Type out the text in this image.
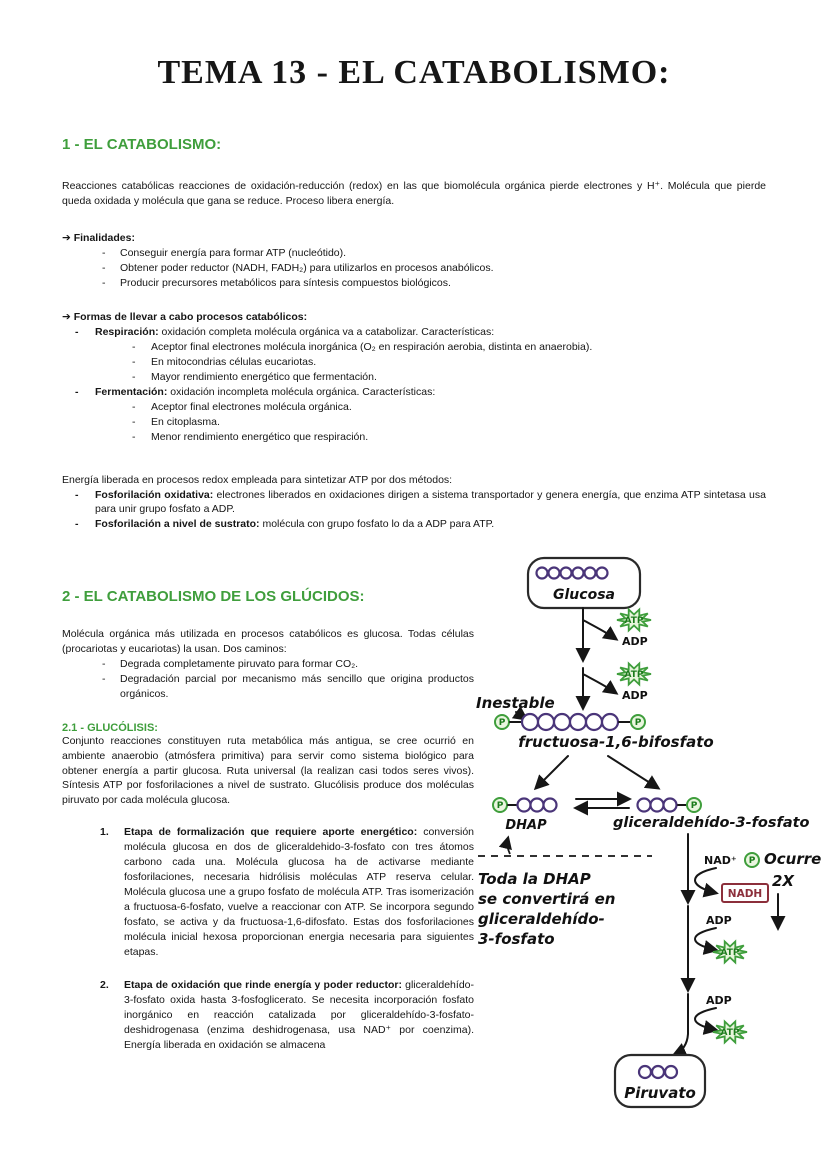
TEMA 13 - EL CATABOLISMO:
1 - EL CATABOLISMO:
Reacciones catabólicas reacciones de oxidación-reducción (redox) en las que biomolécula orgánica pierde electrones y H⁺. Molécula que pierde queda oxidada y molécula que gana se reduce. Proceso libera energía.
➔ Finalidades:
-	Conseguir energía para formar ATP (nucleótido).
-	Obtener poder reductor (NADH, FADH₂) para utilizarlos en procesos anabólicos.
-	Producir precursores metabólicos para síntesis compuestos biológicos.
➔ Formas de llevar a cabo procesos catabólicos:
-	Respiración: oxidación completa molécula orgánica va a catabolizar. Características:
-	Aceptor final electrones molécula inorgánica (O₂ en respiración aerobia, distinta en anaerobia).
-	En mitocondrias células eucariotas.
-	Mayor rendimiento energético que fermentación.
-	Fermentación: oxidación incompleta molécula orgánica. Características:
-	Aceptor final electrones molécula orgánica.
-	En citoplasma.
-	Menor rendimiento energético que respiración.
Energía liberada en procesos redox empleada para sintetizar ATP por dos métodos:
-	Fosforilación oxidativa: electrones liberados en oxidaciones dirigen a sistema transportador y genera energía, que enzima ATP sintetasa usa para unir grupo fosfato a ADP.
-	Fosforilación a nivel de sustrato: molécula con grupo fosfato lo da a ADP para ATP.
2 - EL CATABOLISMO DE LOS GLÚCIDOS:
Molécula orgánica más utilizada en procesos catabólicos es glucosa. Todas células (procariotas y eucariotas) la usan. Dos caminos:
-	Degrada completamente piruvato para formar CO₂.
-	Degradación parcial por mecanismo más sencillo que origina productos orgánicos.
2.1 - GLUCÓLISIS:
Conjunto reacciones constituyen ruta metabólica más antigua, se cree ocurrió en ambiente anaerobio (atmósfera primitiva) para servir como sistema biológico para obtener energía a partir glucosa. Ruta universal (la realizan casi todos seres vivos). Síntesis ATP por fosforilaciones a nivel de sustrato. Glucólisis produce dos moléculas piruvato por cada molécula glucosa.
1.	Etapa de formalización que requiere aporte energético: conversión molécula glucosa en dos de gliceraldehido-3-fosfato con tres átomos carbono cada una. Molécula glucosa ha de activarse mediante fosforilaciones, necesaria hidrólisis moléculas ATP reserva celular. Molécula glucosa une a grupo fosfato de molécula ATP. Tras isomerización a fructuosa-6-fosfato, vuelve a reaccionar con ATP. Se incorpora segundo fosfato, se activa y da fructuosa-1,6-difosfato. Estas dos fosforilaciones molécula inicial hexosa proporcionan energia necesaria para siguientes etapas.
2.	Etapa de oxidación que rinde energía y poder reductor: gliceraldehído-3-fosfato oxida hasta 3-fosfoglicerato. Se necesita incorporación fosfato inorgánico en reacción catalizada por gliceraldehído-3-fosfato-deshidrogenasa (enzima deshidrogenasa, usa NAD⁺ por coenzima). Energía liberada en oxidación se almacena
Glucosa
ATP
ADP
ATP
ADP
Inestable
P	P
fructuosa-1,6-bifosfato
P
DHAP
P
gliceraldehído-3-fosfato
Toda la DHAP
se convertirá en
gliceraldehído-
3-fosfato
NAD⁺ P
NADH
Ocurre
2X
ADP
ATP
ADP
ATP
Piruvato
